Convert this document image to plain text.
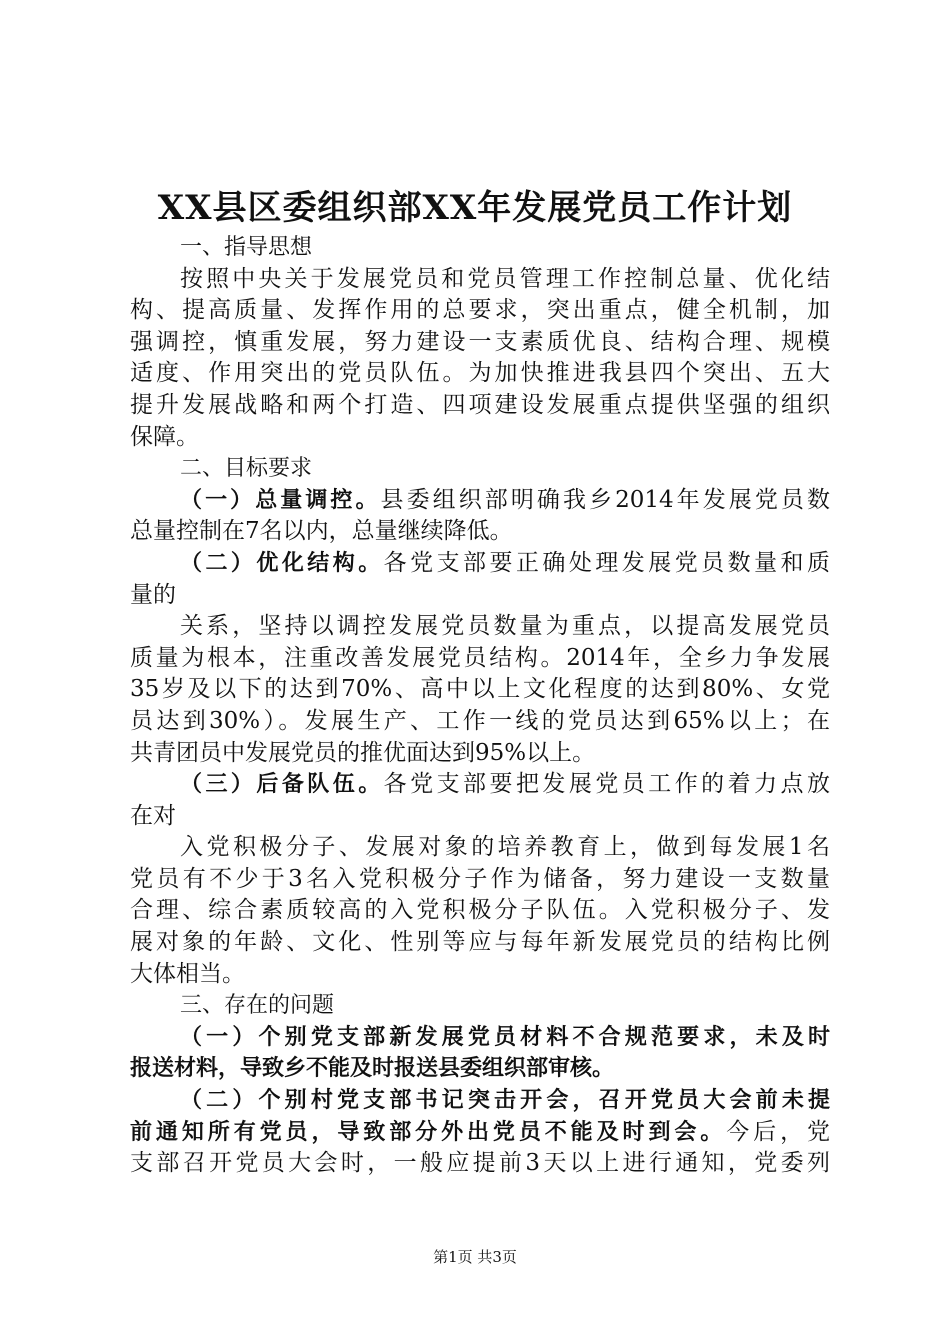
XX县区委组织部XX年发展党员工作计划
一、指导思想
按照中央关于发展党员和党员管理工作控制总量、优化结
构、提高质量、发挥作用的总要求，突出重点，健全机制，加
强调控，慎重发展，努力建设一支素质优良、结构合理、规模
适度、作用突出的党员队伍。为加快推进我县四个突出、五大
提升发展战略和两个打造、四项建设发展重点提供坚强的组织
保障。
二、目标要求
（一）总量调控。县委组织部明确我乡2014年发展党员数
总量控制在7名以内，总量继续降低。
（二）优化结构。各党支部要正确处理发展党员数量和质
量的
关系，坚持以调控发展党员数量为重点，以提高发展党员
质量为根本，注重改善发展党员结构。2014年，全乡力争发展
35岁及以下的达到70%、高中以上文化程度的达到80%、女党
员达到30%）。发展生产、工作一线的党员达到65%以上；在
共青团员中发展党员的推优面达到95%以上。
（三）后备队伍。各党支部要把发展党员工作的着力点放
在对
入党积极分子、发展对象的培养教育上，做到每发展1名
党员有不少于3名入党积极分子作为储备，努力建设一支数量
合理、综合素质较高的入党积极分子队伍。入党积极分子、发
展对象的年龄、文化、性别等应与每年新发展党员的结构比例
大体相当。
三、存在的问题
（一）个别党支部新发展党员材料不合规范要求，未及时
报送材料，导致乡不能及时报送县委组织部审核。
（二）个别村党支部书记突击开会，召开党员大会前未提
前通知所有党员，导致部分外出党员不能及时到会。今后，党
支部召开党员大会时，一般应提前3天以上进行通知，党委列
第1页 共3页
